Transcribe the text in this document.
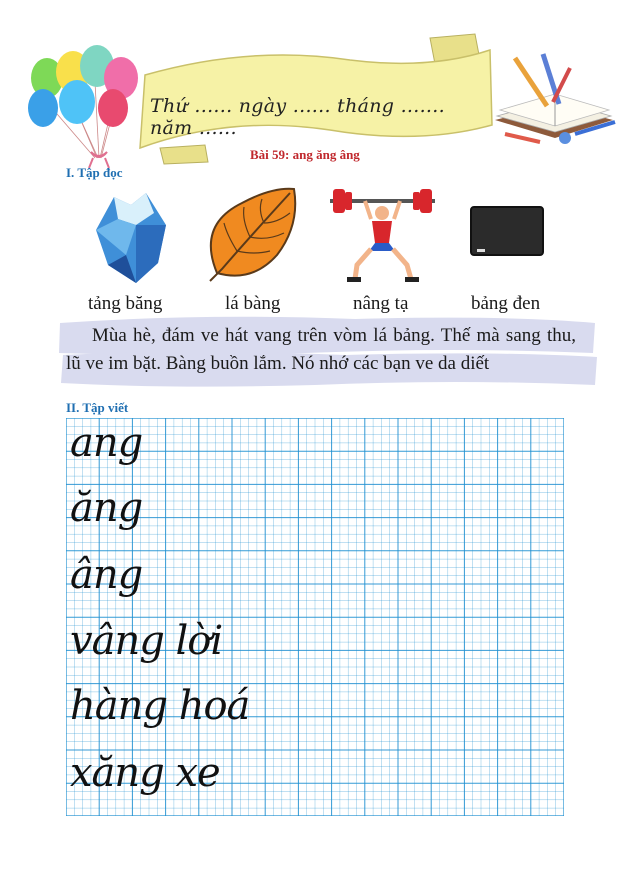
Thứ ...... ngày ...... tháng ....... năm ......
Bài 59: ang ăng âng
I. Tập đọc
tảng băng	lá bàng	nâng tạ	bảng đen
Mùa hè, đám ve hát vang trên vòm lá bảng. Thế mà sang thu, lũ ve im bặt. Bàng buồn lắm. Nó nhớ các bạn ve da diết
II. Tập viết
ang
ăng
âng
vâng lời
hàng hoá
xăng xe
